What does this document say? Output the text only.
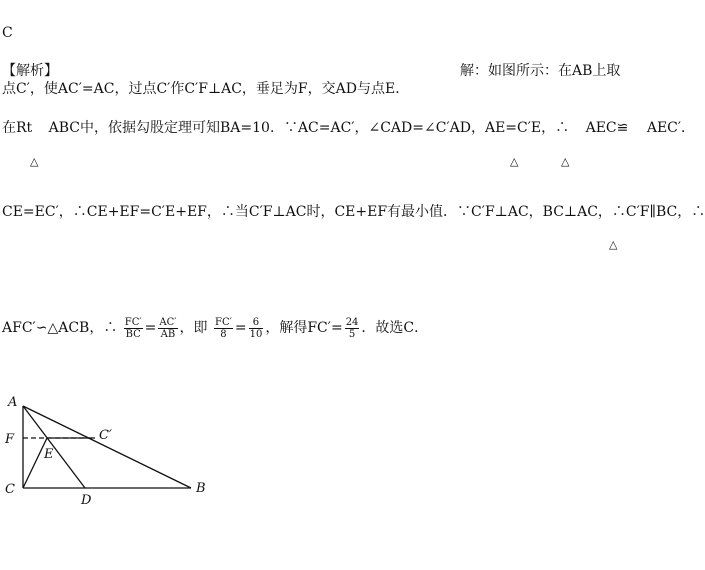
C
【解析】	解：如图所示：在AB上取
点C′，使AC′=AC，过点C′作C′F⊥AC，垂足为F，交AD与点E．
在Rt ABC中，依据勾股定理可知BA=10．∵AC=AC′，∠CAD=∠C′AD，AE=C′E，∴ AEC≌ AEC′．
△	△	△
CE=EC′，∴CE+EF=C′E+EF，∴当C′F⊥AC时，CE+EF有最小值．∵C′F⊥AC，BC⊥AC，∴C′F∥BC，∴
△
AFC′∽△ACB，∴ $\frac{FC'}{BC} = \frac{AC'}{AB}$ ，即 $\frac{FC'}{8} = \frac{6}{10}$ ，解得$FC'= \frac{24}{5}$ ．故选C．
A
F
C
E
D
B
C′
